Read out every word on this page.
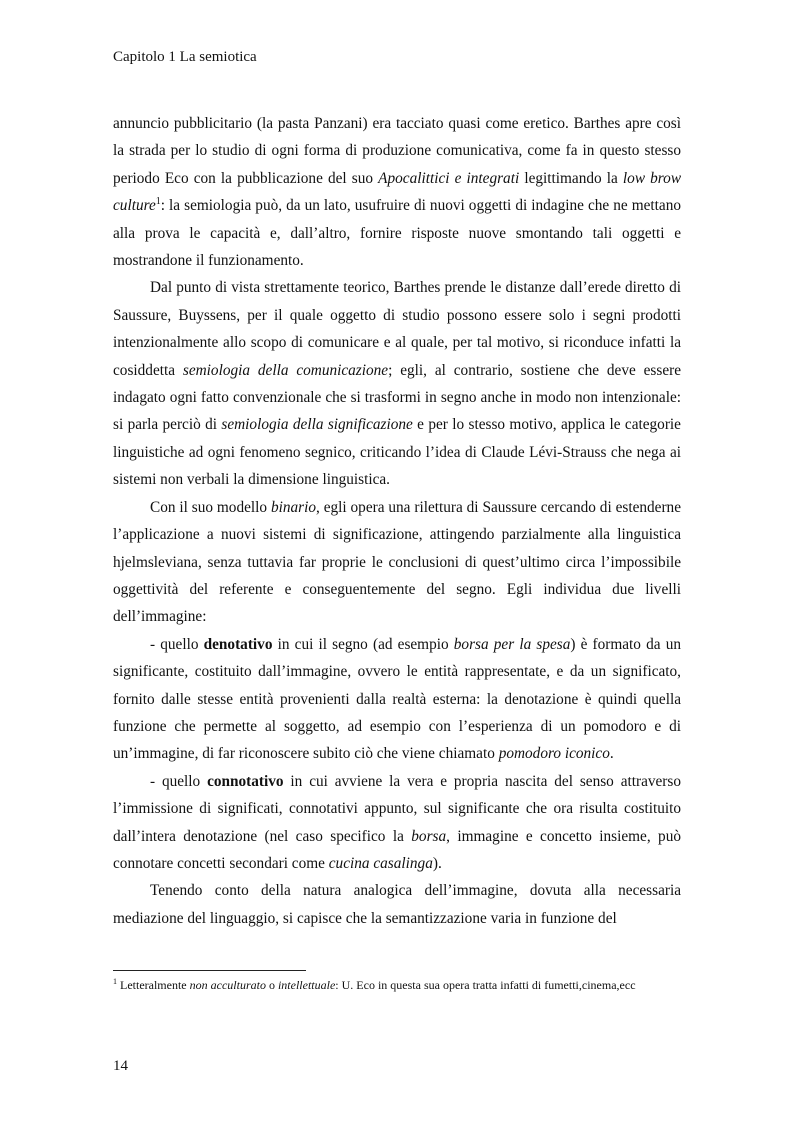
Capitolo 1 La semiotica

annuncio pubblicitario (la pasta Panzani) era tacciato quasi come eretico. Barthes apre così la strada per lo studio di ogni forma di produzione comunicativa, come fa in questo stesso periodo Eco con la pubblicazione del suo Apocalittici e integrati legittimando la low brow culture$^1$: la semiologia può, da un lato, usufruire di nuovi oggetti di indagine che ne mettano alla prova le capacità e, dall’altro, fornire risposte nuove smontando tali oggetti e mostrandone il funzionamento.

Dal punto di vista strettamente teorico, Barthes prende le distanze dall’erede diretto di Saussure, Buyssens, per il quale oggetto di studio possono essere solo i segni prodotti intenzionalmente allo scopo di comunicare e al quale, per tal motivo, si riconduce infatti la cosiddetta semiologia della comunicazione; egli, al contrario, sostiene che deve essere indagato ogni fatto convenzionale che si trasformi in segno anche in modo non intenzionale: si parla perciò di semiologia della significazione e per lo stesso motivo, applica le categorie linguistiche ad ogni fenomeno segnico, criticando l’idea di Claude Lévi-Strauss che nega ai sistemi non verbali la dimensione linguistica.

Con il suo modello binario, egli opera una rilettura di Saussure cercando di estenderne l’applicazione a nuovi sistemi di significazione, attingendo parzialmente alla linguistica hjelmsleviana, senza tuttavia far proprie le conclusioni di quest’ultimo circa l’impossibile oggettività del referente e conseguentemente del segno. Egli individua due livelli dell’immagine:

- quello denotativo in cui il segno (ad esempio borsa per la spesa) è formato da un significante, costituito dall’immagine, ovvero le entità rappresentate, e da un significato, fornito dalle stesse entità provenienti dalla realtà esterna: la denotazione è quindi quella funzione che permette al soggetto, ad esempio con l’esperienza di un pomodoro e di un’immagine, di far riconoscere subito ciò che viene chiamato pomodoro iconico.

- quello connotativo in cui avviene la vera e propria nascita del senso attraverso l’immissione di significati, connotativi appunto, sul significante che ora risulta costituito dall’intera denotazione (nel caso specifico la borsa, immagine e concetto insieme, può connotare concetti secondari come cucina casalinga).

Tenendo conto della natura analogica dell’immagine, dovuta alla necessaria mediazione del linguaggio, si capisce che la semantizzazione varia in funzione del

$^1$ Letteralmente non acculturato o intellettuale: U. Eco in questa sua opera tratta infatti di fumetti,cinema,ecc
14
